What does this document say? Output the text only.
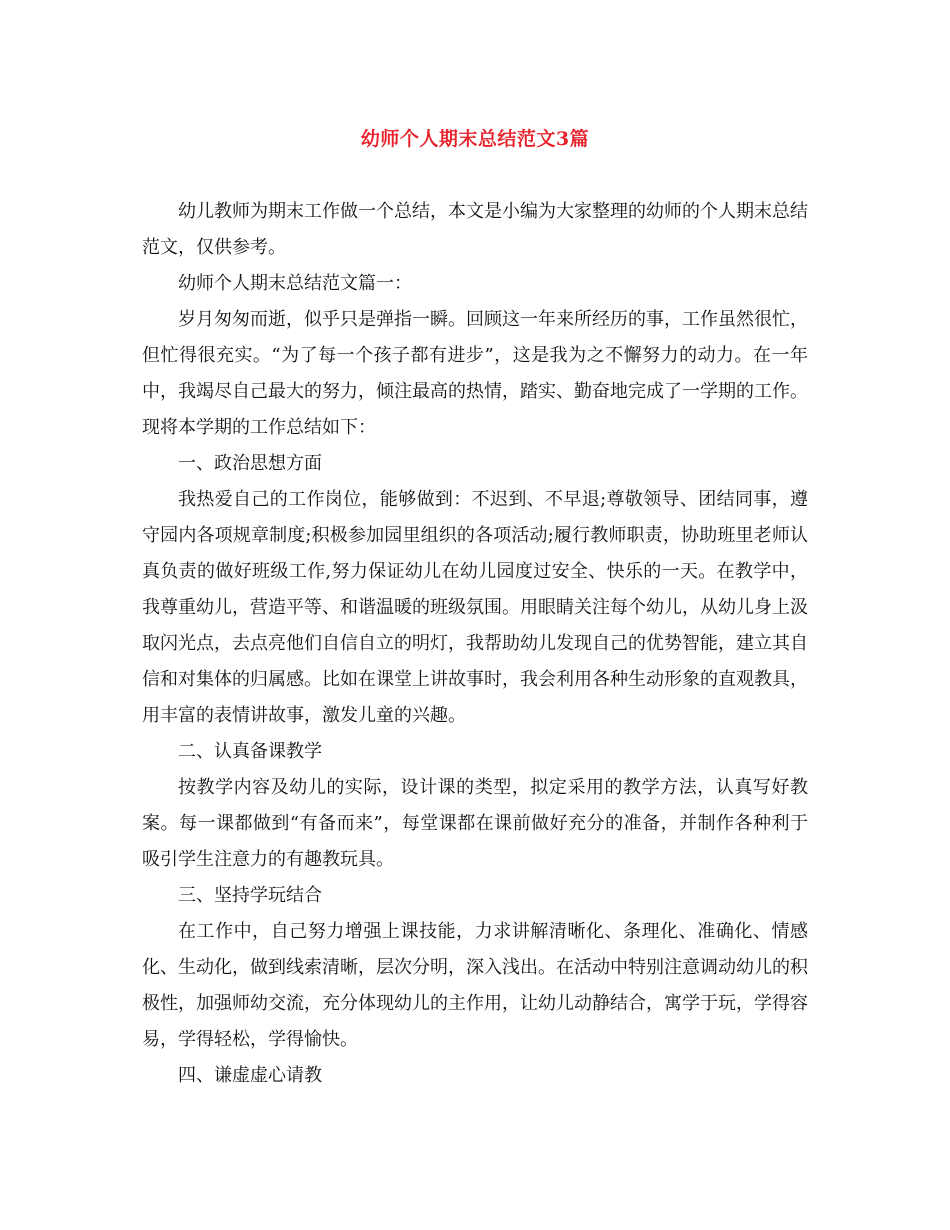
幼师个人期末总结范文3篇

幼儿教师为期末工作做一个总结，本文是小编为大家整理的幼师的个人期末总结范文，仅供参考。

幼师个人期末总结范文篇一：

岁月匆匆而逝，似乎只是弹指一瞬。回顾这一年来所经历的事，工作虽然很忙，但忙得很充实。“为了每一个孩子都有进步”，这是我为之不懈努力的动力。在一年中，我竭尽自己最大的努力，倾注最高的热情，踏实、勤奋地完成了一学期的工作。现将本学期的工作总结如下：

一、政治思想方面

我热爱自己的工作岗位，能够做到：不迟到、不早退;尊敬领导、团结同事，遵守园内各项规章制度;积极参加园里组织的各项活动;履行教师职责，协助班里老师认真负责的做好班级工作,努力保证幼儿在幼儿园度过安全、快乐的一天。在教学中，我尊重幼儿，营造平等、和谐温暖的班级氛围。用眼睛关注每个幼儿，从幼儿身上汲取闪光点，去点亮他们自信自立的明灯，我帮助幼儿发现自己的优势智能，建立其自信和对集体的归属感。比如在课堂上讲故事时，我会利用各种生动形象的直观教具，用丰富的表情讲故事，激发儿童的兴趣。

二、认真备课教学

按教学内容及幼儿的实际，设计课的类型，拟定采用的教学方法，认真写好教案。每一课都做到“有备而来”，每堂课都在课前做好充分的准备，并制作各种利于吸引学生注意力的有趣教玩具。

三、坚持学玩结合

在工作中，自己努力增强上课技能，力求讲解清晰化、条理化、准确化、情感化、生动化，做到线索清晰，层次分明，深入浅出。在活动中特别注意调动幼儿的积极性，加强师幼交流，充分体现幼儿的主作用，让幼儿动静结合，寓学于玩，学得容易，学得轻松，学得愉快。

四、谦虚虚心请教
